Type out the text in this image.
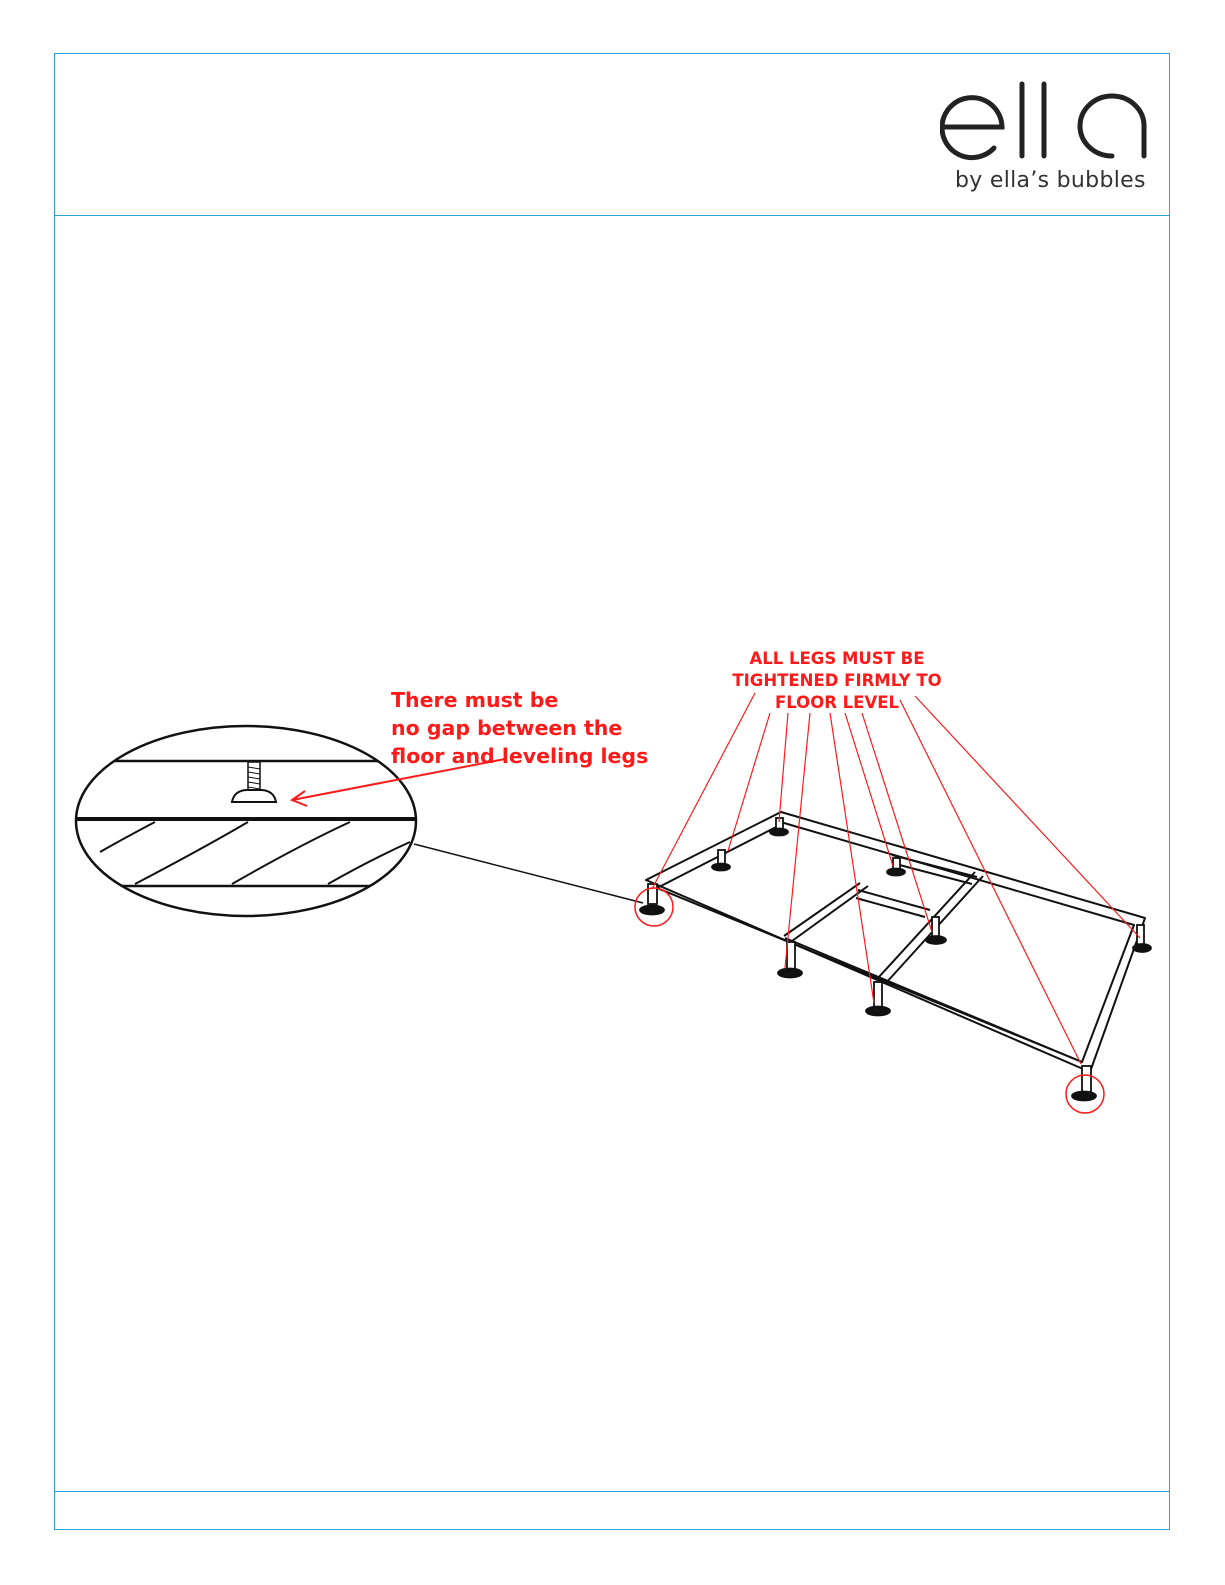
by ella’s bubbles
There must be
no gap between the
floor and leveling legs
ALL LEGS MUST BE
TIGHTENED FIRMLY TO
FLOOR LEVEL
